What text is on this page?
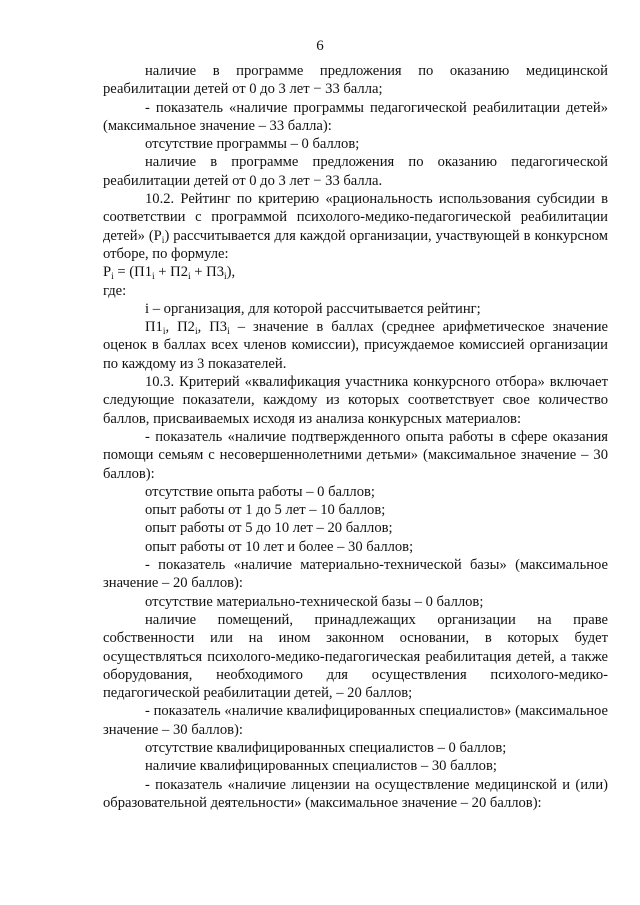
6

наличие в программе предложения по оказанию медицинской реабилитации детей от 0 до 3 лет − 33 балла;

- показатель «наличие программы педагогической реабилитации детей» (максимальное значение – 33 балла):

отсутствие программы – 0 баллов;

наличие в программе предложения по оказанию педагогической реабилитации детей от 0 до 3 лет − 33 балла.

10.2. Рейтинг по критерию «рациональность использования субсидии в соответствии с программой психолого-медико-педагогической реабилитации детей» $(Р_i)$ рассчитывается для каждой организации, участвующей в конкурсном отборе, по формуле:

$Р_i = (П1_i + П2_i + П3_i)$,

где:

i – организация, для которой рассчитывается рейтинг;

$П1_i$, $П2_i$, $П3_i$ – значение в баллах (среднее арифметическое значение оценок в баллах всех членов комиссии), присуждаемое комиссией организации по каждому из 3 показателей.

10.3. Критерий «квалификация участника конкурсного отбора» включает следующие показатели, каждому из которых соответствует свое количество баллов, присваиваемых исходя из анализа конкурсных материалов:

- показатель «наличие подтвержденного опыта работы в сфере оказания помощи семьям с несовершеннолетними детьми» (максимальное значение – 30 баллов):

отсутствие опыта работы – 0 баллов;

опыт работы от 1 до 5 лет – 10 баллов;

опыт работы от 5 до 10 лет – 20 баллов;

опыт работы от 10 лет и более – 30 баллов;

- показатель «наличие материально-технической базы» (максимальное значение – 20 баллов):

отсутствие материально-технической базы – 0 баллов;

наличие помещений, принадлежащих организации на праве собственности или на ином законном основании, в которых будет осуществляться психолого-медико-педагогическая реабилитация детей, а также оборудования, необходимого для осуществления психолого-медико-педагогической реабилитации детей, – 20 баллов;

- показатель «наличие квалифицированных специалистов» (максимальное значение – 30 баллов):

отсутствие квалифицированных специалистов – 0 баллов;

наличие квалифицированных специалистов – 30 баллов;

- показатель «наличие лицензии на осуществление медицинской и (или) образовательной деятельности» (максимальное значение – 20 баллов):
